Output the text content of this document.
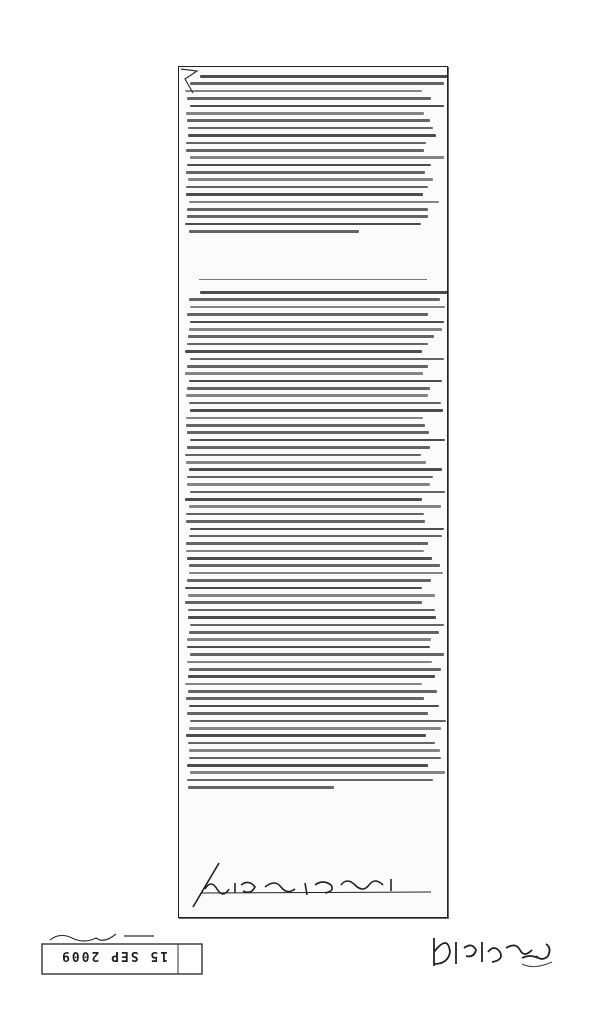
15 SEP 2009
